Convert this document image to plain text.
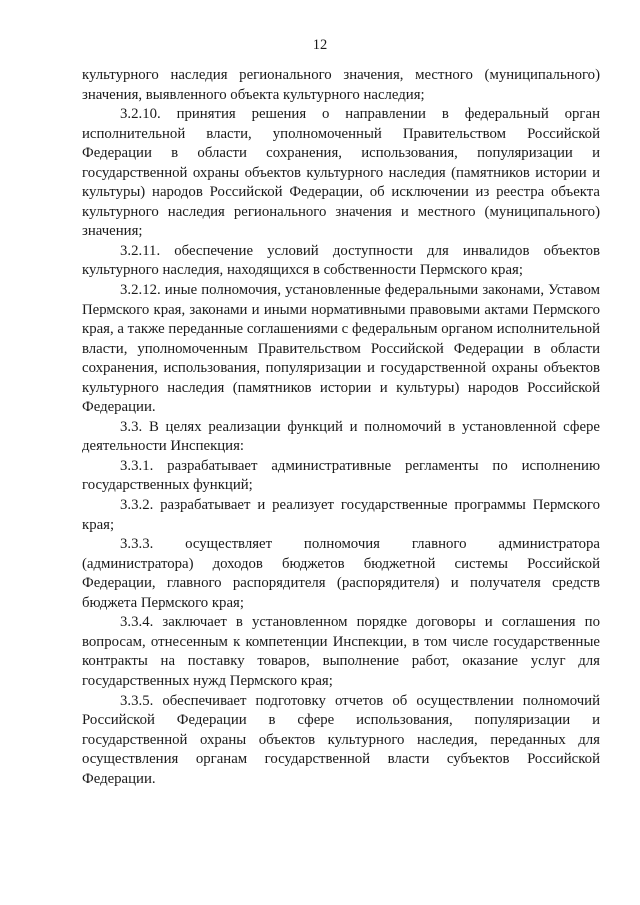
12

культурного наследия регионального значения, местного (муниципального) значения, выявленного объекта культурного наследия;

3.2.10. принятия решения о направлении в федеральный орган исполнительной власти, уполномоченный Правительством Российской Федерации в области сохранения, использования, популяризации и государственной охраны объектов культурного наследия (памятников истории и культуры) народов Российской Федерации, об исключении из реестра объекта культурного наследия регионального значения и местного (муниципального) значения;

3.2.11. обеспечение условий доступности для инвалидов объектов культурного наследия, находящихся в собственности Пермского края;

3.2.12. иные полномочия, установленные федеральными законами, Уставом Пермского края, законами и иными нормативными правовыми актами Пермского края, а также переданные соглашениями с федеральным органом исполнительной власти, уполномоченным Правительством Российской Федерации в области сохранения, использования, популяризации и государственной охраны объектов культурного наследия (памятников истории и культуры) народов Российской Федерации.

3.3. В целях реализации функций и полномочий в установленной сфере деятельности Инспекция:

3.3.1. разрабатывает административные регламенты по исполнению государственных функций;

3.3.2. разрабатывает и реализует государственные программы Пермского края;

3.3.3. осуществляет полномочия главного администратора (администратора) доходов бюджетов бюджетной системы Российской Федерации, главного распорядителя (распорядителя) и получателя средств бюджета Пермского края;

3.3.4. заключает в установленном порядке договоры и соглашения по вопросам, отнесенным к компетенции Инспекции, в том числе государственные контракты на поставку товаров, выполнение работ, оказание услуг для государственных нужд Пермского края;

3.3.5. обеспечивает подготовку отчетов об осуществлении полномочий Российской Федерации в сфере использования, популяризации и государственной охраны объектов культурного наследия, переданных для осуществления органам государственной власти субъектов Российской Федерации.
